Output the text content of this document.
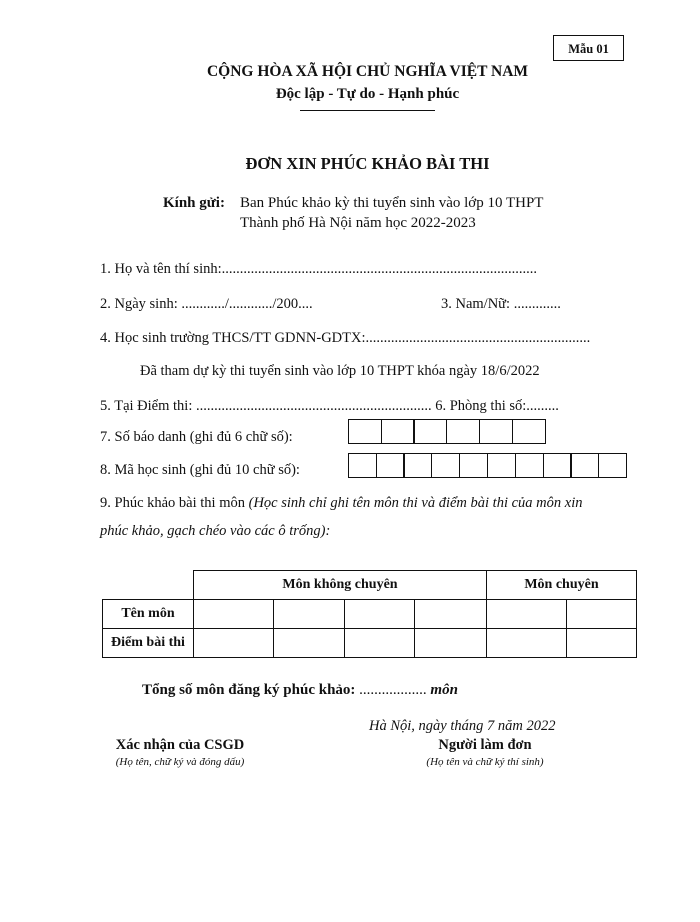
Mẫu 01
CỘNG HÒA XÃ HỘI CHỦ NGHĨA VIỆT NAM
Độc lập - Tự do - Hạnh phúc
ĐƠN XIN PHÚC KHẢO BÀI THI
Kính gửi: Ban Phúc khảo kỳ thi tuyển sinh vào lớp 10 THPT
Thành phố Hà Nội năm học 2022-2023
1. Họ và tên thí sinh:.......................................................................................
2. Ngày sinh: ............/............/200....	3. Nam/Nữ: .............
4. Học sinh trường THCS/TT GDNN-GDTX:..............................................................
Đã tham dự kỳ thi tuyển sinh vào lớp 10 THPT khóa ngày 18/6/2022
5. Tại Điểm thi: ................................................................. 6. Phòng thi số:.........
7. Số báo danh (ghi đủ 6 chữ số):
8. Mã học sinh (ghi đủ 10 chữ số):
9. Phúc khảo bài thi môn (Học sinh chỉ ghi tên môn thi và điểm bài thi của môn xin
phúc khảo, gạch chéo vào các ô trống):
	Môn không chuyên				Môn chuyên	
Tên môn						
Điểm bài thi						
Tổng số môn đăng ký phúc khảo: .................. môn
Hà Nội, ngày tháng 7 năm 2022
Xác nhận của CSGD
(Họ tên, chữ ký và đóng dấu)
Người làm đơn
(Họ tên và chữ ký thí sinh)
